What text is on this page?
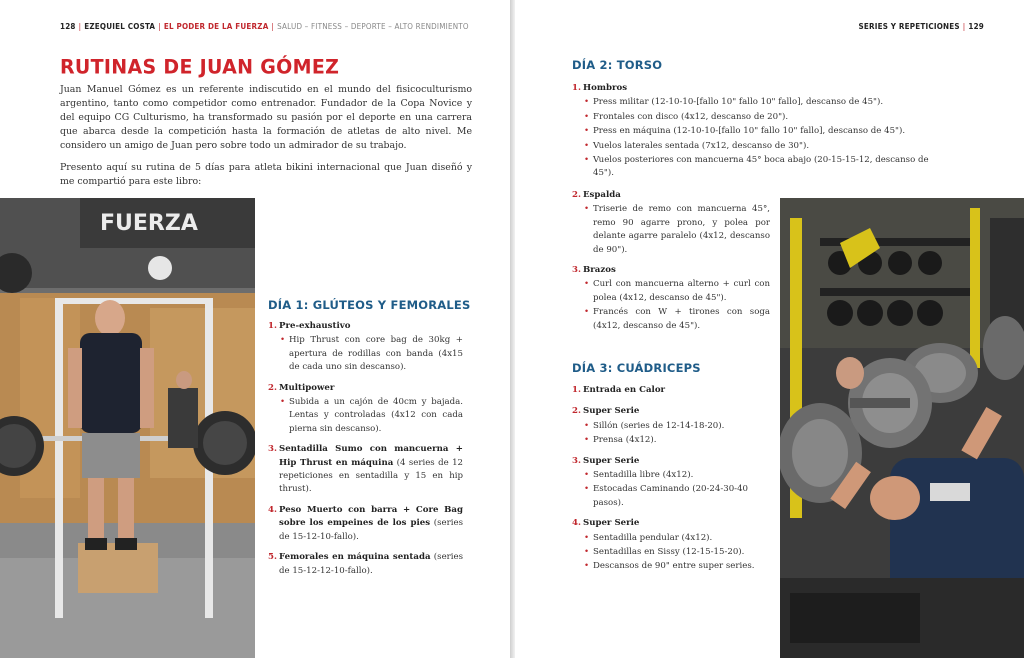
128 | EZEQUIEL COSTA | EL PODER DE LA FUERZA | SALUD – FITNESS – DEPORTE – ALTO RENDIMIENTO
RUTINAS DE JUAN GÓMEZ

Juan Manuel Gómez es un referente indiscutido en el mundo del fisicoculturismo argentino, tanto como competidor como entrenador. Fundador de la Copa Novice y del equipo CG Culturismo, ha transformado su pasión por el deporte en una carrera que abarca desde la competición hasta la formación de atletas de alto nivel. Me considero un amigo de Juan pero sobre todo un admirador de su trabajo.

Presento aquí su rutina de 5 días para atleta bikini internacional que Juan diseñó y me compartió para este libro:

FUERZA
DÍA 1: GLÚTEOS Y FEMORALES
1. Pre-exhaustivo
• Hip Thrust con core bag de 30kg + apertura de rodillas con banda (4x15 de cada uno sin descanso).
2. Multipower
• Subida a un cajón de 40cm y bajada. Lentas y controladas (4x12 con cada pierna sin descanso).
3. Sentadilla Sumo con mancuerna + Hip Thrust en máquina (4 series de 12 repeticiones en sentadilla y 15 en hip thrust).
4. Peso Muerto con barra + Core Bag sobre los empeines de los pies (series de 15-12-10-fallo).
5. Femorales en máquina sentada (series de 15-12-12-10-fallo).
SERIES Y REPETICIONES | 129
DÍA 2: TORSO
1. Hombros
• Press militar (12-10-10-[fallo 10" fallo 10" fallo], descanso de 45").
• Frontales con disco (4x12, descanso de 20").
• Press en máquina (12-10-10-[fallo 10" fallo 10" fallo], descanso de 45").
• Vuelos laterales sentada (7x12, descanso de 30").
• Vuelos posteriores con mancuerna 45° boca abajo (20-15-15-12, descanso de 45").
2. Espalda
• Triserie de remo con mancuerna 45°, remo 90 agarre prono, y polea por delante agarre paralelo (4x12, descanso de 90").
3. Brazos
• Curl con mancuerna alterno + curl con polea (4x12, descanso de 45").
• Francés con W + tirones con soga (4x12, descanso de 45").
DÍA 3: CUÁDRICEPS
1. Entrada en Calor
2. Super Serie
• Sillón (series de 12-14-18-20).
• Prensa (4x12).
3. Super Serie
• Sentadilla libre (4x12).
• Estocadas Caminando (20-24-30-40 pasos).
4. Super Serie
• Sentadilla pendular (4x12).
• Sentadillas en Sissy (12-15-15-20).
• Descansos de 90" entre super series.
